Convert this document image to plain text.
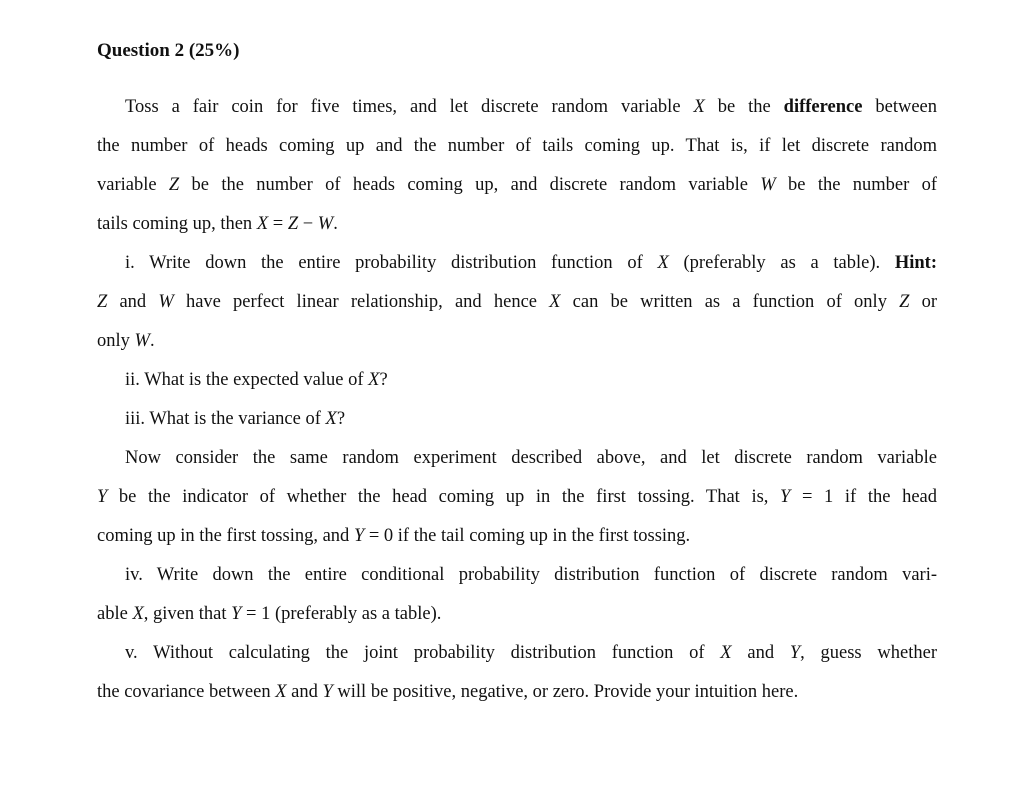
Question 2 (25%)
Toss a fair coin for five times, and let discrete random variable X be the difference between
the number of heads coming up and the number of tails coming up. That is, if let discrete random
variable Z be the number of heads coming up, and discrete random variable W be the number of
tails coming up, then X = Z − W.
i. Write down the entire probability distribution function of X (preferably as a table). Hint:
Z and W have perfect linear relationship, and hence X can be written as a function of only Z or
only W.
ii. What is the expected value of X?
iii. What is the variance of X?
Now consider the same random experiment described above, and let discrete random variable
Y be the indicator of whether the head coming up in the first tossing. That is, Y = 1 if the head
coming up in the first tossing, and Y = 0 if the tail coming up in the first tossing.
iv. Write down the entire conditional probability distribution function of discrete random vari-
able X, given that Y = 1 (preferably as a table).
v. Without calculating the joint probability distribution function of X and Y, guess whether
the covariance between X and Y will be positive, negative, or zero. Provide your intuition here.
